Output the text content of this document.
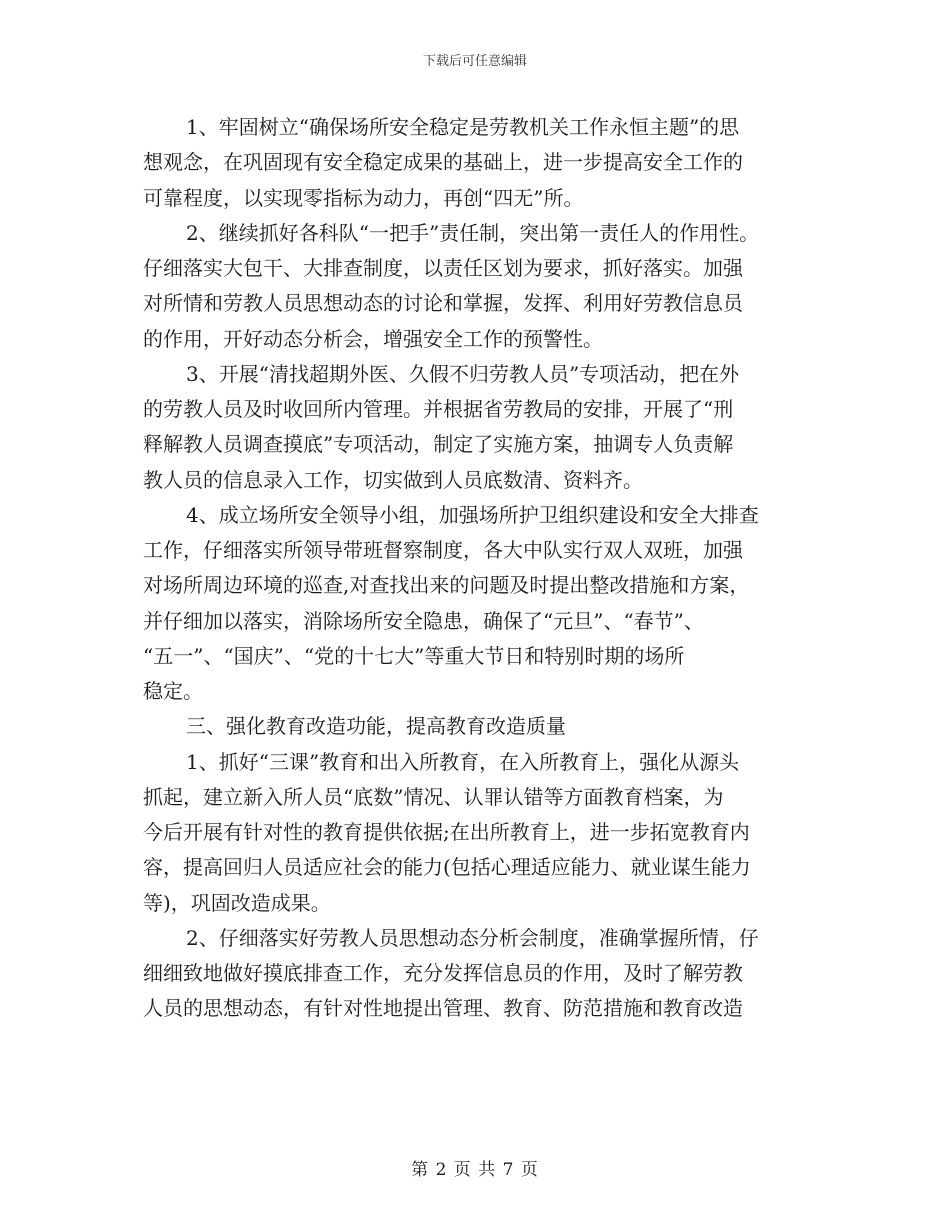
下载后可任意编辑
1、牢固树立“确保场所安全稳定是劳教机关工作永恒主题”的思
想观念，在巩固现有安全稳定成果的基础上，进一步提高安全工作的
可靠程度，以实现零指标为动力，再创“四无”所。
2、继续抓好各科队“一把手”责任制，突出第一责任人的作用性。
仔细落实大包干、大排查制度，以责任区划为要求，抓好落实。加强
对所情和劳教人员思想动态的讨论和掌握，发挥、利用好劳教信息员
的作用，开好动态分析会，增强安全工作的预警性。
3、开展“清找超期外医、久假不归劳教人员”专项活动，把在外
的劳教人员及时收回所内管理。并根据省劳教局的安排，开展了“刑
释解教人员调查摸底”专项活动，制定了实施方案，抽调专人负责解
教人员的信息录入工作，切实做到人员底数清、资料齐。
4、成立场所安全领导小组，加强场所护卫组织建设和安全大排查
工作，仔细落实所领导带班督察制度，各大中队实行双人双班，加强
对场所周边环境的巡查,对查找出来的问题及时提出整改措施和方案，
并仔细加以落实，消除场所安全隐患，确保了“元旦”、“春节”、
“五一”、“国庆”、“党的十七大”等重大节日和特别时期的场所
稳定。
三、强化教育改造功能，提高教育改造质量
1、抓好“三课”教育和出入所教育，在入所教育上，强化从源头
抓起，建立新入所人员“底数”情况、认罪认错等方面教育档案，为
今后开展有针对性的教育提供依据;在出所教育上，进一步拓宽教育内
容，提高回归人员适应社会的能力(包括心理适应能力、就业谋生能力
等)，巩固改造成果。
2、仔细落实好劳教人员思想动态分析会制度，准确掌握所情，仔
细细致地做好摸底排查工作，充分发挥信息员的作用，及时了解劳教
人员的思想动态，有针对性地提出管理、教育、防范措施和教育改造
第 2 页 共 7 页
